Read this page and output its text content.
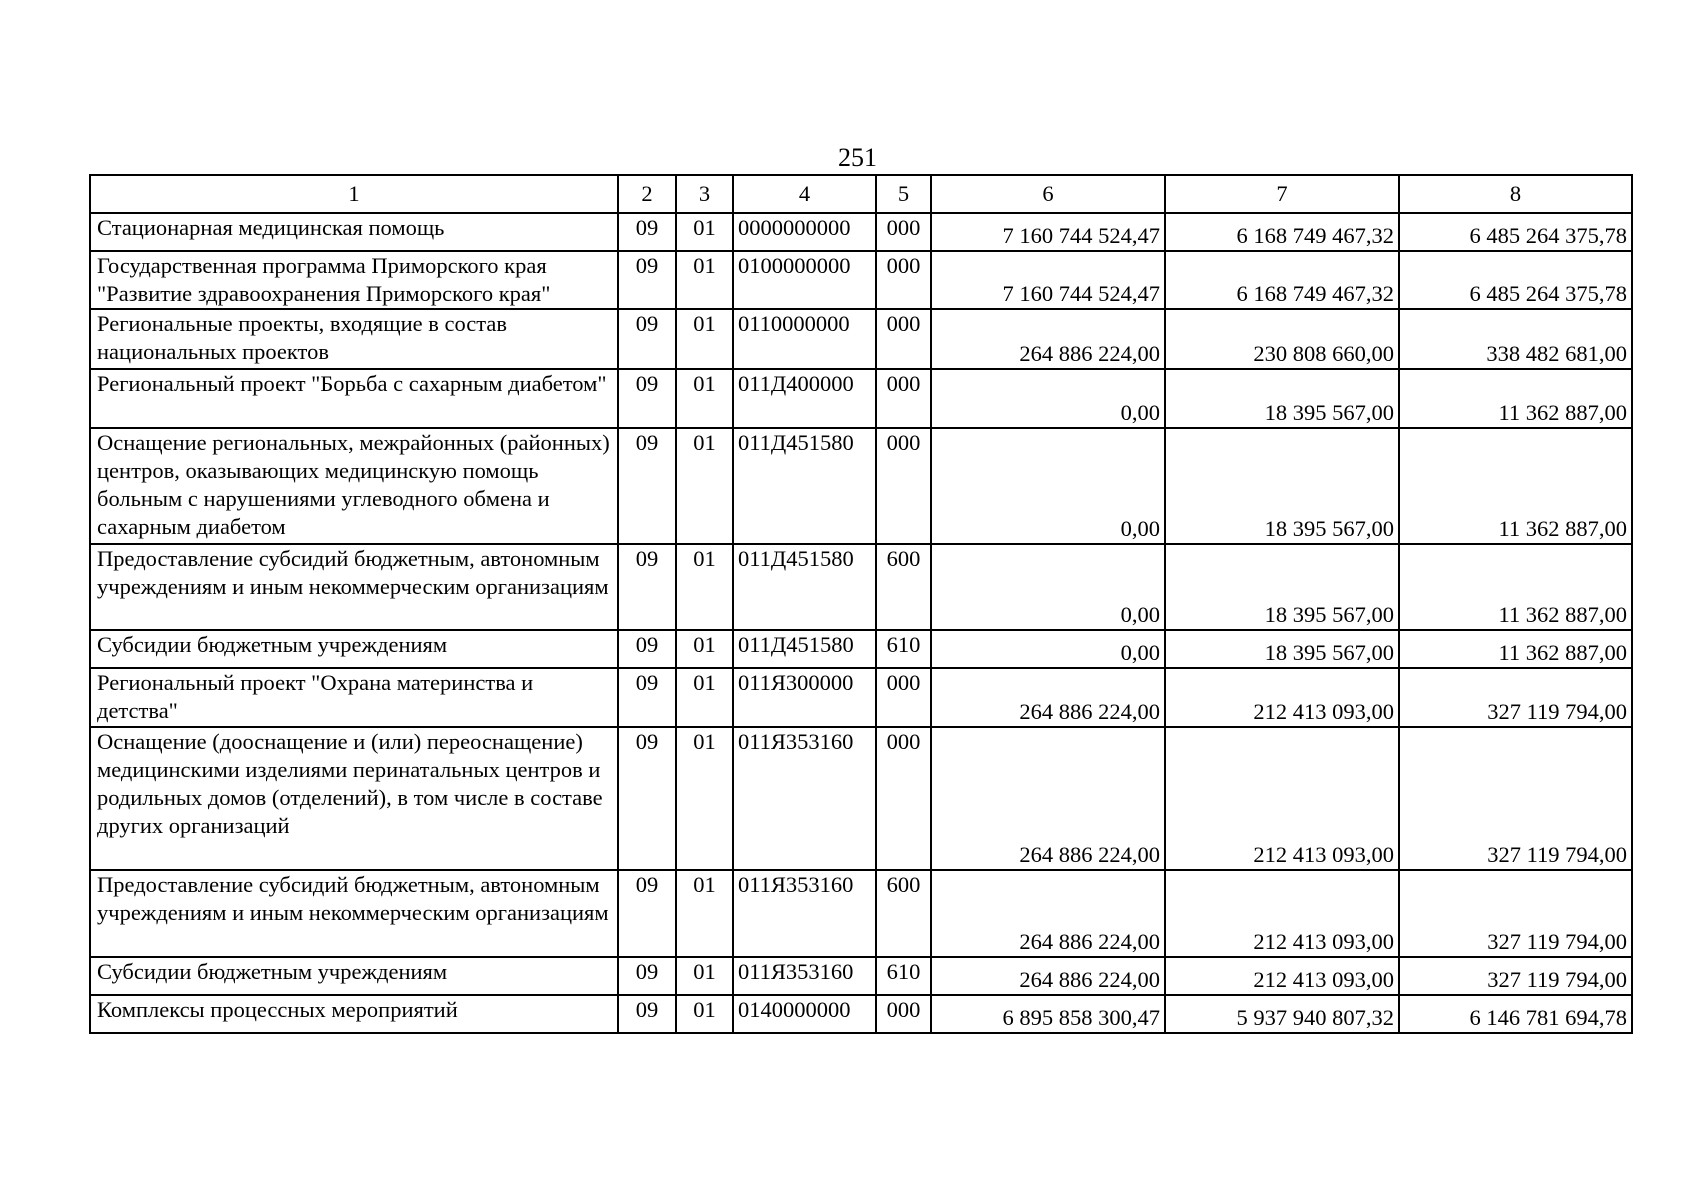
251
1	2	3	4	5	6	7	8
Стационарная медицинская помощь	09	01	0000000000	000	7 160 744 524,47	6 168 749 467,32	6 485 264 375,78
Государственная программа Приморского края "Развитие здравоохранения Приморского края"	09	01	0100000000	000	7 160 744 524,47	6 168 749 467,32	6 485 264 375,78
Региональные проекты, входящие в состав национальных проектов	09	01	0110000000	000	264 886 224,00	230 808 660,00	338 482 681,00
Региональный проект "Борьба с сахарным диабетом"	09	01	011Д400000	000	0,00	18 395 567,00	11 362 887,00
Оснащение региональных, межрайонных (районных) центров, оказывающих медицинскую помощь больным с нарушениями углеводного обмена и сахарным диабетом	09	01	011Д451580	000	0,00	18 395 567,00	11 362 887,00
Предоставление субсидий бюджетным, автономным учреждениям и иным некоммерческим организациям	09	01	011Д451580	600	0,00	18 395 567,00	11 362 887,00
Субсидии бюджетным учреждениям	09	01	011Д451580	610	0,00	18 395 567,00	11 362 887,00
Региональный проект "Охрана материнства и детства"	09	01	011Я300000	000	264 886 224,00	212 413 093,00	327 119 794,00
Оснащение (дооснащение и (или) переоснащение) медицинскими изделиями перинатальных центров и родильных домов (отделений), в том числе в составе других организаций	09	01	011Я353160	000	264 886 224,00	212 413 093,00	327 119 794,00
Предоставление субсидий бюджетным, автономным учреждениям и иным некоммерческим организациям	09	01	011Я353160	600	264 886 224,00	212 413 093,00	327 119 794,00
Субсидии бюджетным учреждениям	09	01	011Я353160	610	264 886 224,00	212 413 093,00	327 119 794,00
Комплексы процессных мероприятий	09	01	0140000000	000	6 895 858 300,47	5 937 940 807,32	6 146 781 694,78
